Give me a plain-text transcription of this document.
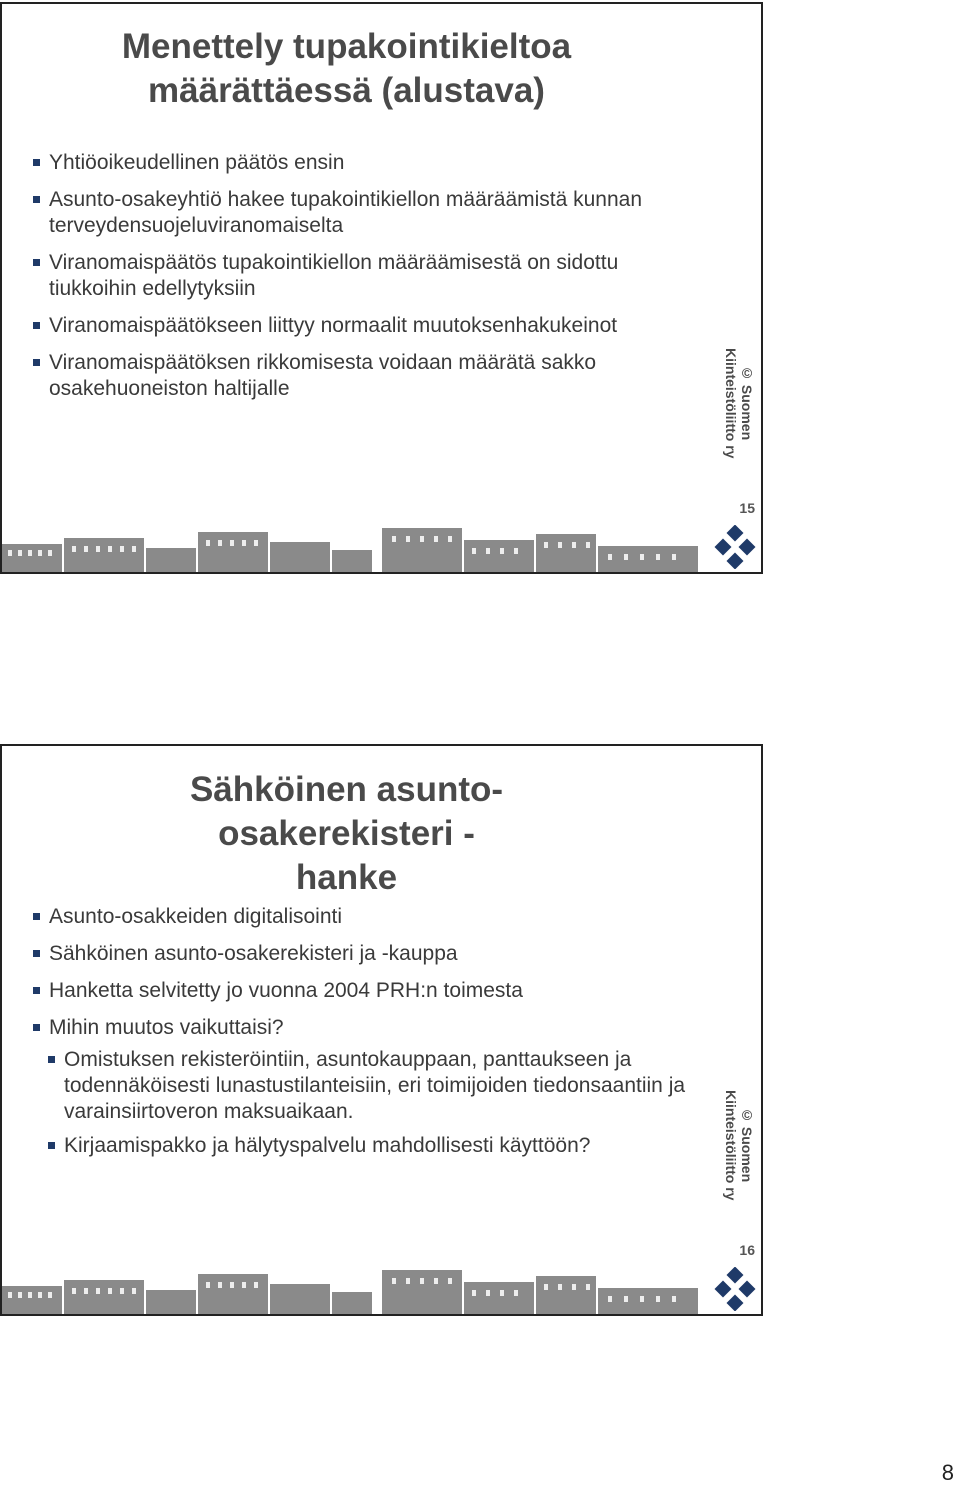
Menettely tupakointikieltoa määrättäessä (alustava)
Yhtiöoikeudellinen päätös ensin
Asunto-osakeyhtiö hakee tupakointikiellon määräämistä kunnan terveydensuojeluviranomaiselta
Viranomaispäätös tupakointikiellon määräämisestä on sidottu tiukkoihin edellytyksiin
Viranomaispäätökseen liittyy normaalit muutoksenhakukeinot
Viranomaispäätöksen rikkomisesta voidaan määrätä sakko osakehuoneiston haltijalle	© Suomen Kiinteistöliitto ry
15
Sähköinen asunto-osakerekisteri -hanke
Asunto-osakkeiden digitalisointi
Sähköinen asunto-osakerekisteri ja -kauppa
Hanketta selvitetty jo vuonna 2004 PRH:n toimesta
Mihin muutos vaikuttaisi?
Omistuksen rekisteröintiin, asuntokauppaan, panttaukseen ja todennäköisesti lunastustilanteisiin, eri toimijoiden tiedonsaantiin ja varainsiirtoveron maksuaikaan.
Kirjaamispakko ja hälytyspalvelu mahdollisesti käyttöön?	© Suomen Kiinteistöliitto ry
16
8
